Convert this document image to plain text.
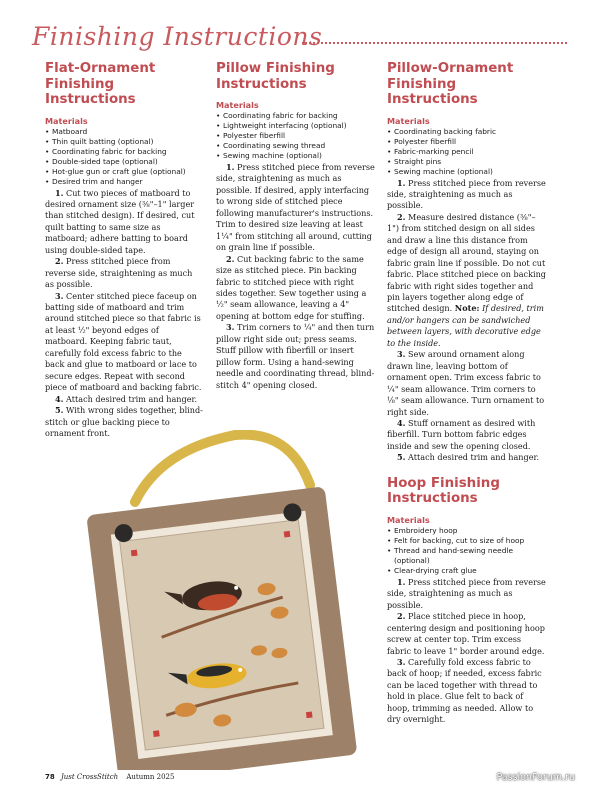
Finishing Instructions
Flat-Ornament Finishing Instructions
Materials
• Matboard
• Thin quilt batting (optional)
• Coordinating fabric for backing
• Double-sided tape (optional)
• Hot-glue gun or craft glue (optional)
• Desired trim and hanger

1. Cut two pieces of matboard to desired ornament size (⅜"–1" larger than stitched design). If desired, cut quilt batting to same size as matboard; adhere batting to board using double-sided tape.

2. Press stitched piece from reverse side, straightening as much as possible.

3. Center stitched piece faceup on batting side of matboard and trim around stitched piece so that fabric is at least ½" beyond edges of matboard. Keeping fabric taut, carefully fold excess fabric to the back and glue to matboard or lace to secure edges. Repeat with second piece of matboard and backing fabric.

4. Attach desired trim and hanger.

5. With wrong sides together, blind-stitch or glue backing piece to ornament front.

Pillow Finishing Instructions
Materials
• Coordinating fabric for backing
• Lightweight interfacing (optional)
• Polyester fiberfill
• Coordinating sewing thread
• Sewing machine (optional)

1. Press stitched piece from reverse side, straightening as much as possible. If desired, apply interfacing to wrong side of stitched piece following manufacturer's instructions. Trim to desired size leaving at least 1¼" from stitching all around, cutting on grain line if possible.

2. Cut backing fabric to the same size as stitched piece. Pin backing fabric to stitched piece with right sides together. Sew together using a ½" seam allowance, leaving a 4" opening at bottom edge for stuffing.

3. Trim corners to ¼" and then turn pillow right side out; press seams. Stuff pillow with fiberfill or insert pillow form. Using a hand-sewing needle and coordinating thread, blind-stitch 4" opening closed.

Pillow-Ornament Finishing Instructions
Materials
• Coordinating backing fabric
• Polyester fiberfill
• Fabric-marking pencil
• Straight pins
• Sewing machine (optional)

1. Press stitched piece from reverse side, straightening as much as possible.

2. Measure desired distance (⅜"–1") from stitched design on all sides and draw a line this distance from edge of design all around, staying on fabric grain line if possible. Do not cut fabric. Place stitched piece on backing fabric with right sides together and pin layers together along edge of stitched design. Note: If desired, trim and/or hangers can be sandwiched between layers, with decorative edge to the inside.

3. Sew around ornament along drawn line, leaving bottom of ornament open. Trim excess fabric to ¼" seam allowance. Trim corners to ⅛" seam allowance. Turn ornament to right side.

4. Stuff ornament as desired with fiberfill. Turn bottom fabric edges inside and sew the opening closed.

5. Attach desired trim and hanger.

Hoop Finishing Instructions
Materials
• Embroidery hoop
• Felt for backing, cut to size of hoop
• Thread and hand-sewing needle (optional)
• Clear-drying craft glue

1. Press stitched piece from reverse side, straightening as much as possible.

2. Place stitched piece in hoop, centering design and positioning hoop screw at center top. Trim excess fabric to leave 1" border around edge.

3. Carefully fold excess fabric to back of hoop; if needed, excess fabric can be laced together with thread to hold in place. Glue felt to back of hoop, trimming as needed. Allow to dry overnight.

78 Just CrossStitch Autumn 2025	PassionForum.ru
